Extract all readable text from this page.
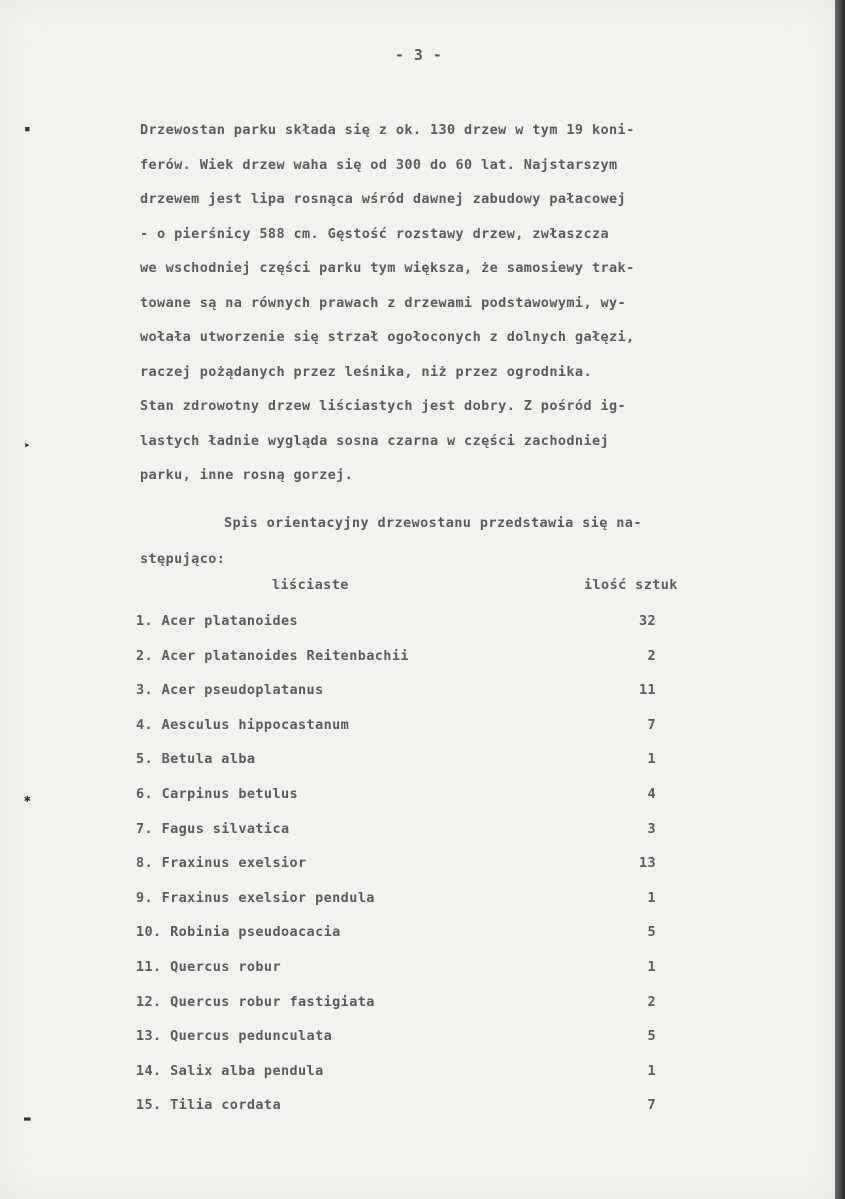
▪
▸
✱
▬
- 3 -
Drzewostan parku składa się z ok. 130 drzew w tym 19 koni-
ferów. Wiek drzew waha się od 300 do 60 lat. Najstarszym
drzewem jest lipa rosnąca wśród dawnej zabudowy pałacowej
- o pierśnicy 588 cm. Gęstość rozstawy drzew, zwłaszcza
we wschodniej części parku tym większa, że samosiewy trak-
towane są na równych prawach z drzewami podstawowymi, wy-
wołała utworzenie się strzał ogołoconych z dolnych gałęzi,
raczej pożądanych przez leśnika, niż przez ogrodnika.
Stan zdrowotny drzew liściastych jest dobry. Z pośród ig-
lastych ładnie wygląda sosna czarna w części zachodniej
parku, inne rosną gorzej.
Spis orientacyjny drzewostanu przedstawia się na-
stępująco:
liściaste	ilość sztuk
1. Acer platanoides	32
2. Acer platanoides Reitenbachii	2
3. Acer pseudoplatanus	11
4. Aesculus hippocastanum	7
5. Betula alba	1
6. Carpinus betulus	4
7. Fagus silvatica	3
8. Fraxinus exelsior	13
9. Fraxinus exelsior pendula	1
10. Robinia pseudoacacia	5
11. Quercus robur	1
12. Quercus robur fastigiata	2
13. Quercus pedunculata	5
14. Salix alba pendula	1
15. Tilia cordata	7
